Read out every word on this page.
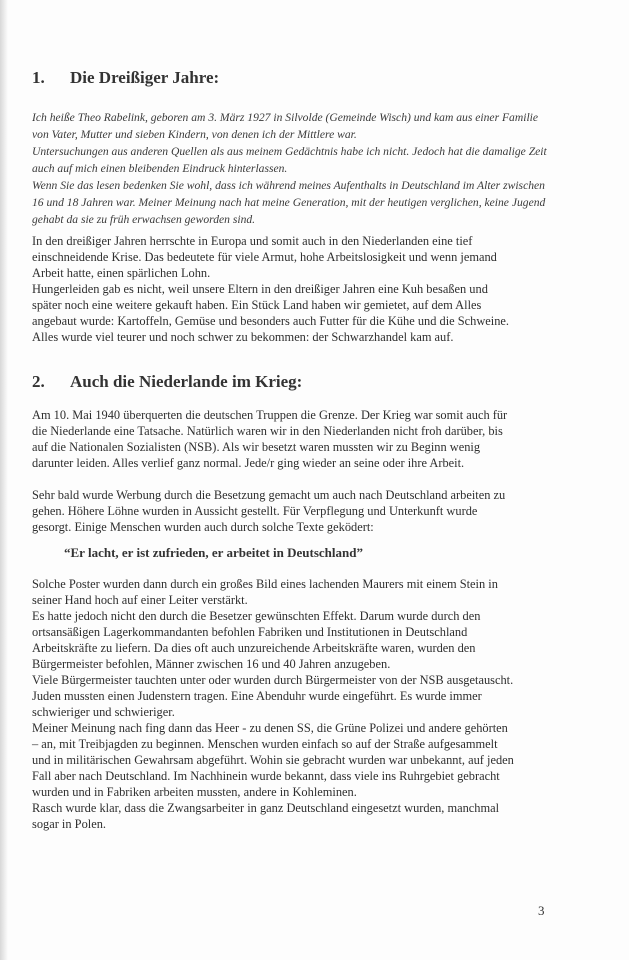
1. Die Dreißiger Jahre:
Ich heiße Theo Rabelink, geboren am 3. März 1927 in Silvolde (Gemeinde Wisch) und kam aus einer Familie
von Vater, Mutter und sieben Kindern, von denen ich der Mittlere war.
Untersuchungen aus anderen Quellen als aus meinem Gedächtnis habe ich nicht. Jedoch hat die damalige Zeit
auch auf mich einen bleibenden Eindruck hinterlassen.
Wenn Sie das lesen bedenken Sie wohl, dass ich während meines Aufenthalts in Deutschland im Alter zwischen
16 und 18 Jahren war. Meiner Meinung nach hat meine Generation, mit der heutigen verglichen, keine Jugend
gehabt da sie zu früh erwachsen geworden sind.
In den dreißiger Jahren herrschte in Europa und somit auch in den Niederlanden eine tief
einschneidende Krise. Das bedeutete für viele Armut, hohe Arbeitslosigkeit und wenn jemand
Arbeit hatte, einen spärlichen Lohn.
Hungerleiden gab es nicht, weil unsere Eltern in den dreißiger Jahren eine Kuh besaßen und
später noch eine weitere gekauft haben. Ein Stück Land haben wir gemietet, auf dem Alles
angebaut wurde: Kartoffeln, Gemüse und besonders auch Futter für die Kühe und die Schweine.
Alles wurde viel teurer und noch schwer zu bekommen: der Schwarzhandel kam auf.
2. Auch die Niederlande im Krieg:
Am 10. Mai 1940 überquerten die deutschen Truppen die Grenze. Der Krieg war somit auch für
die Niederlande eine Tatsache. Natürlich waren wir in den Niederlanden nicht froh darüber, bis
auf die Nationalen Sozialisten (NSB). Als wir besetzt waren mussten wir zu Beginn wenig
darunter leiden. Alles verlief ganz normal. Jede/r ging wieder an seine oder ihre Arbeit.
Sehr bald wurde Werbung durch die Besetzung gemacht um auch nach Deutschland arbeiten zu
gehen. Höhere Löhne wurden in Aussicht gestellt. Für Verpflegung und Unterkunft wurde
gesorgt. Einige Menschen wurden auch durch solche Texte geködert:
“Er lacht, er ist zufrieden, er arbeitet in Deutschland”
Solche Poster wurden dann durch ein großes Bild eines lachenden Maurers mit einem Stein in
seiner Hand hoch auf einer Leiter verstärkt.
Es hatte jedoch nicht den durch die Besetzer gewünschten Effekt. Darum wurde durch den
ortsansäßigen Lagerkommandanten befohlen Fabriken und Institutionen in Deutschland
Arbeitskräfte zu liefern. Da dies oft auch unzureichende Arbeitskräfte waren, wurden den
Bürgermeister befohlen, Männer zwischen 16 und 40 Jahren anzugeben.
Viele Bürgermeister tauchten unter oder wurden durch Bürgermeister von der NSB ausgetauscht.
Juden mussten einen Judenstern tragen. Eine Abenduhr wurde eingeführt. Es wurde immer
schwieriger und schwieriger.
Meiner Meinung nach fing dann das Heer - zu denen SS, die Grüne Polizei und andere gehörten
– an, mit Treibjagden zu beginnen. Menschen wurden einfach so auf der Straße aufgesammelt
und in militärischen Gewahrsam abgeführt. Wohin sie gebracht wurden war unbekannt, auf jeden
Fall aber nach Deutschland. Im Nachhinein wurde bekannt, dass viele ins Ruhrgebiet gebracht
wurden und in Fabriken arbeiten mussten, andere in Kohleminen.
Rasch wurde klar, dass die Zwangsarbeiter in ganz Deutschland eingesetzt wurden, manchmal
sogar in Polen.
3
